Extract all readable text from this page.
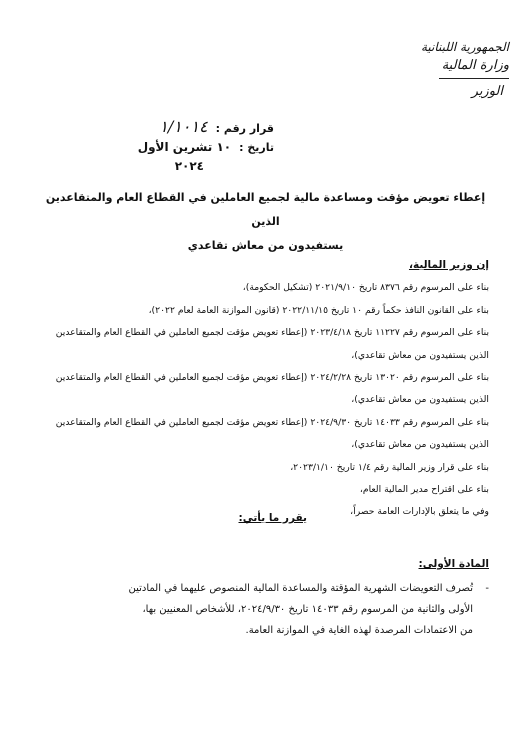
الجمهورية اللبنانية
وزارة المالية
الوزير
قرار رقم :
١/١٠١٤
تاريخ :
١٠ تشرين الأول
٢٠٢٤
إعطاء تعويض مؤقت ومساعدة مالية لجميع العاملين في القطاع العام والمتقاعدين الذين
يستفيدون من معاش تقاعدي
إن وزير المالية،
بناء على المرسوم رقم ٨٣٧٦ تاريخ ٢٠٢١/٩/١٠ (تشكيل الحكومة)،
بناء على القانون النافذ حكماً رقم ١٠ تاريخ ٢٠٢٢/١١/١٥ (قانون الموازنة العامة لعام ٢٠٢٢)،
بناء على المرسوم رقم ١١٢٢٧ تاريخ ٢٠٢٣/٤/١٨ (إعطاء تعويض مؤقت لجميع العاملين في القطاع العام والمتقاعدين الذين يستفيدون من معاش تقاعدي)،
بناء على المرسوم رقم ١٣٠٢٠ تاريخ ٢٠٢٤/٢/٢٨ (إعطاء تعويض مؤقت لجميع العاملين في القطاع العام والمتقاعدين الذين يستفيدون من معاش تقاعدي)،
بناء على المرسوم رقم ١٤٠٣٣ تاريخ ٢٠٢٤/٩/٣٠ (إعطاء تعويض مؤقت لجميع العاملين في القطاع العام والمتقاعدين الذين يستفيدون من معاش تقاعدي)،
بناء على قرار وزير المالية رقم ١/٤ تاريخ ٢٠٢٣/١/١٠،
بناء على اقتراح مدير المالية العام،
وفي ما يتعلق بالإدارات العامة حصراً،
يقرر ما يأتي:
المادة الأولى:
-
تُصرف التعويضات الشهرية المؤقتة والمساعدة المالية المنصوص عليهما في المادتين
الأولى والثانية من المرسوم رقم ١٤٠٣٣ تاريخ ٢٠٢٤/٩/٣٠، للأشخاص المعنيين بها،
من الاعتمادات المرصدة لهذه الغاية في الموازنة العامة.
